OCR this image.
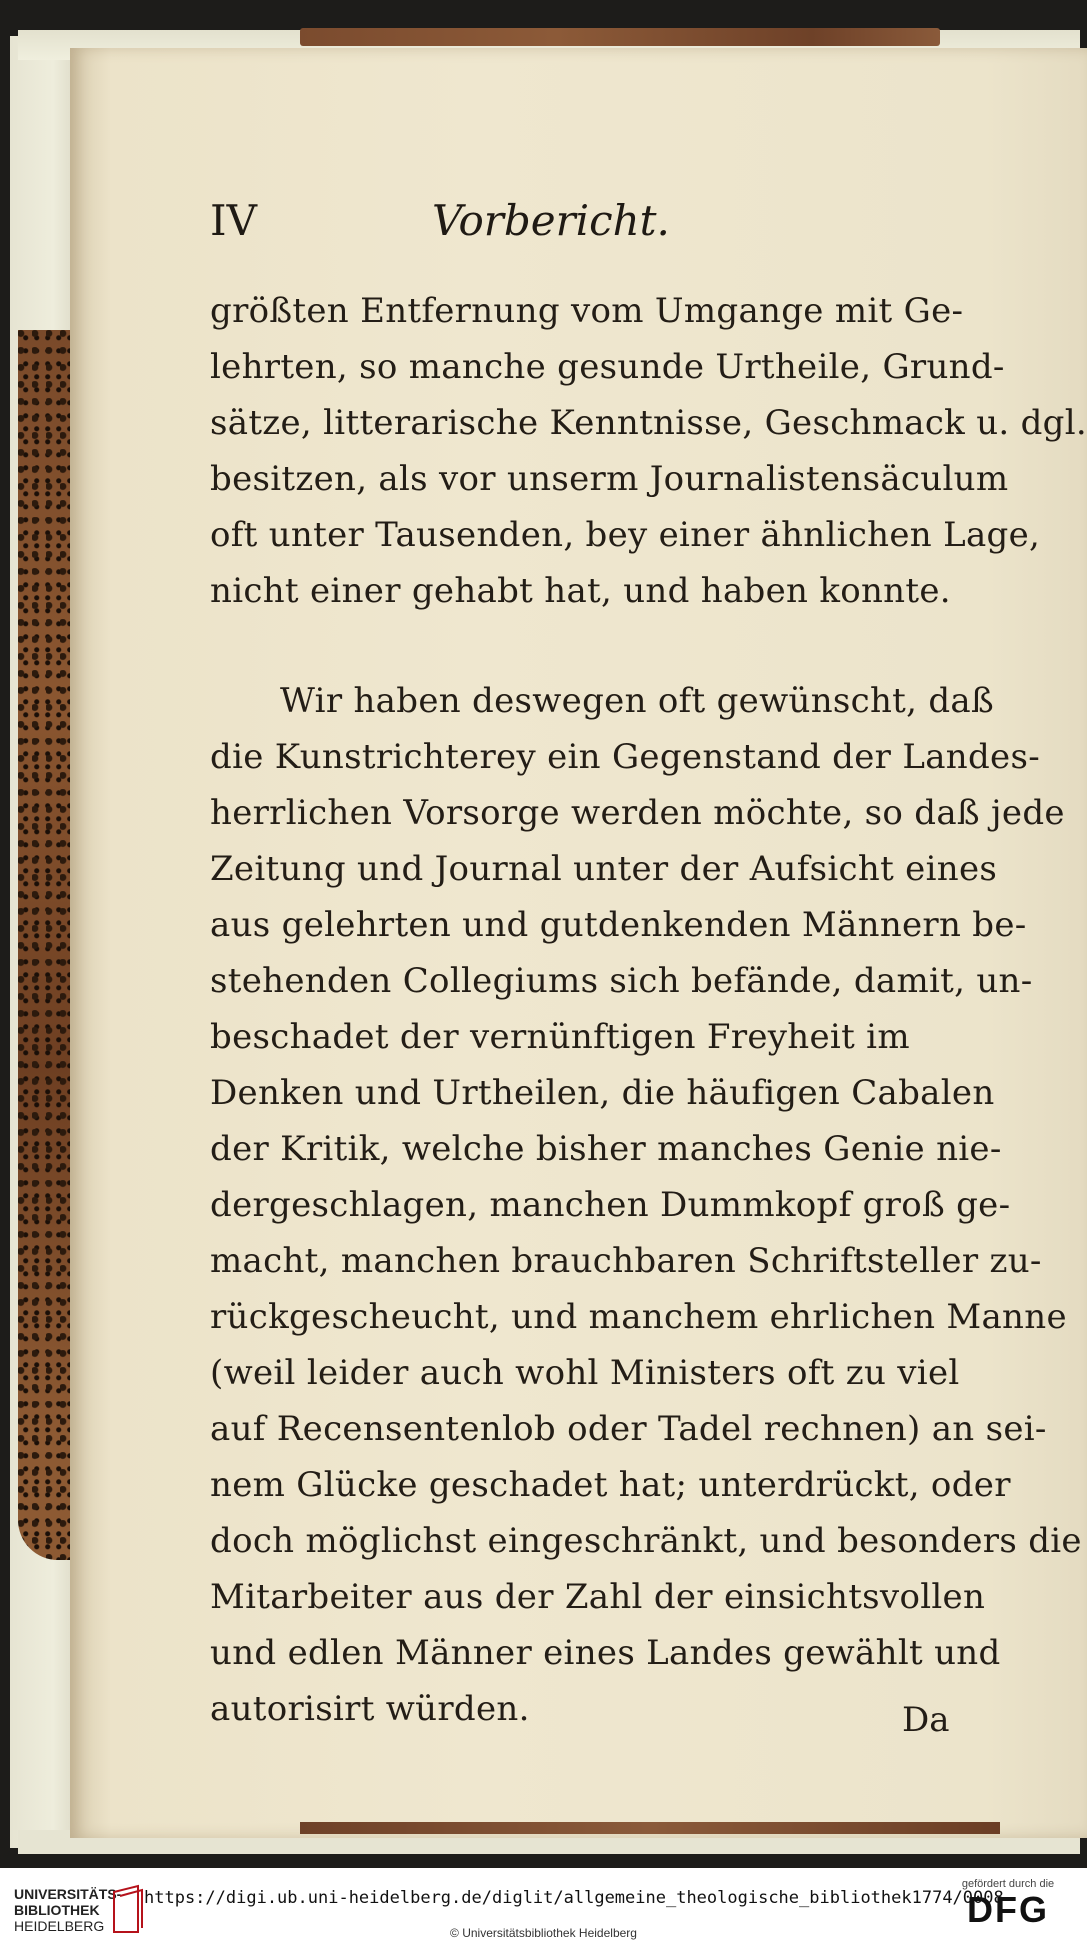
IV	Vorbericht.
größten Entfernung vom Umgange mit Ge-
lehrten, so manche gesunde Urtheile, Grund-
sätze, litterarische Kenntnisse, Geschmack u. dgl.
besitzen, als vor unserm Journalistensäculum
oft unter Tausenden, bey einer ähnlichen Lage,
nicht einer gehabt hat, und haben konnte.
Wir haben deswegen oft gewünscht, daß
die Kunstrichterey ein Gegenstand der Landes-
herrlichen Vorsorge werden möchte, so daß jede
Zeitung und Journal unter der Aufsicht eines
aus gelehrten und gutdenkenden Männern be-
stehenden Collegiums sich befände, damit, un-
beschadet der vernünftigen Freyheit im
Denken und Urtheilen, die häufigen Cabalen
der Kritik, welche bisher manches Genie nie-
dergeschlagen, manchen Dummkopf groß ge-
macht, manchen brauchbaren Schriftsteller zu-
rückgescheucht, und manchem ehrlichen Manne
(weil leider auch wohl Ministers oft zu viel
auf Recensentenlob oder Tadel rechnen) an sei-
nem Glücke geschadet hat; unterdrückt, oder
doch möglichst eingeschränkt, und besonders die
Mitarbeiter aus der Zahl der einsichtsvollen
und edlen Männer eines Landes gewählt und
autorisirt würden.	Da
UNIVERSITÄTS-
BIBLIOTHEK
HEIDELBERG
https://digi.ub.uni-heidelberg.de/diglit/allgemeine_theologische_bibliothek1774/0008
© Universitätsbibliothek Heidelberg
gefördert durch die
DFG
